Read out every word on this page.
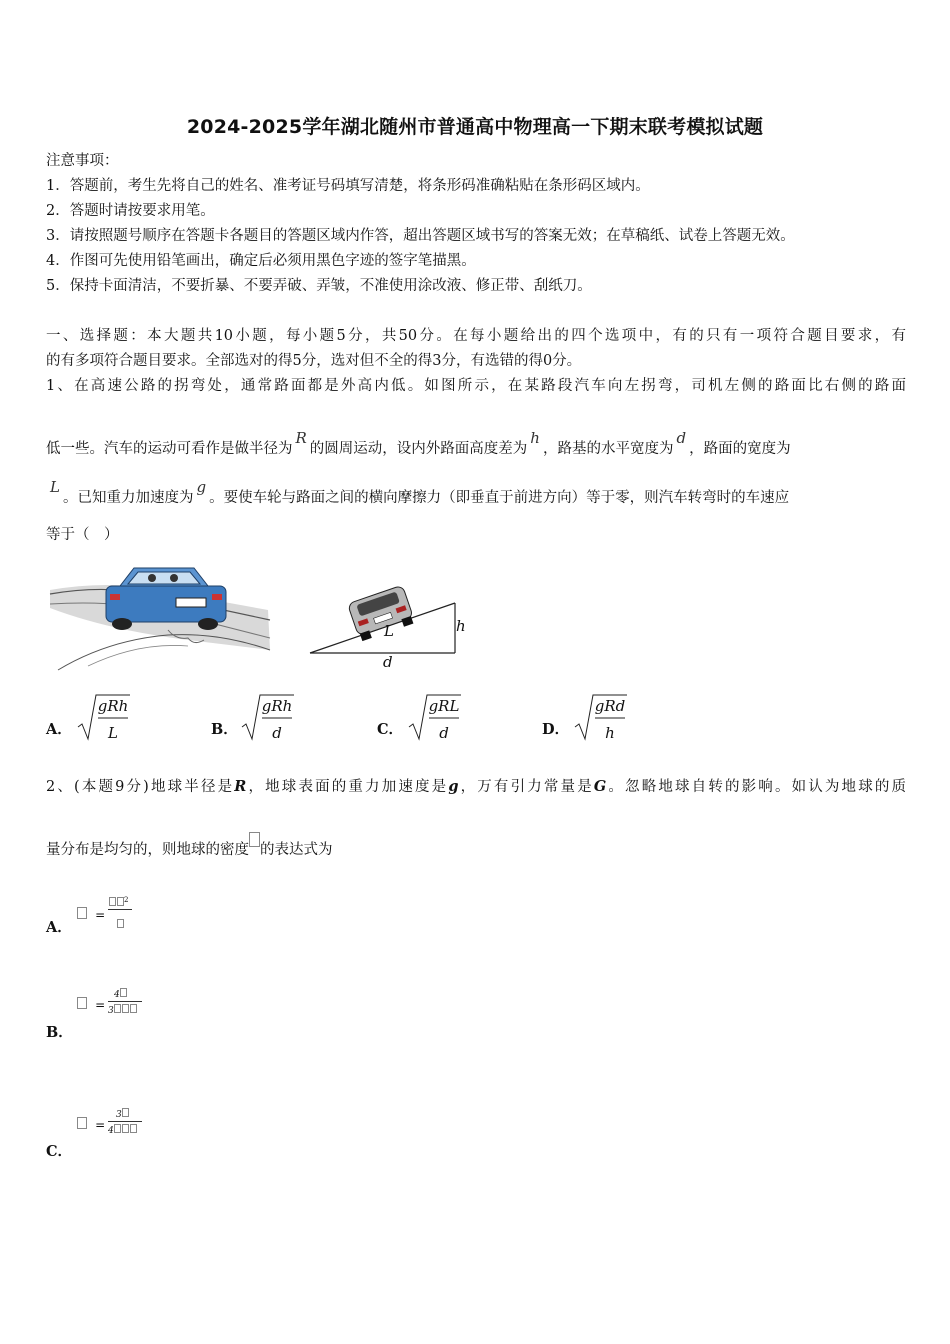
2024-2025学年湖北随州市普通高中物理高一下期末联考模拟试题
注意事项：
1．答题前，考生先将自己的姓名、准考证号码填写清楚，将条形码准确粘贴在条形码区域内。
2．答题时请按要求用笔。
3．请按照题号顺序在答题卡各题目的答题区域内作答，超出答题区域书写的答案无效；在草稿纸、试卷上答题无效。
4．作图可先使用铅笔画出，确定后必须用黑色字迹的签字笔描黑。
5．保持卡面清洁，不要折暴、不要弄破、弄皱，不准使用涂改液、修正带、刮纸刀。
一、选择题：本大题共10小题，每小题5分，共50分。在每小题给出的四个选项中，有的只有一项符合题目要求，有
的有多项符合题目要求。全部选对的得5分，选对但不全的得3分，有选错的得0分。
1、在高速公路的拐弯处，通常路面都是外高内低。如图所示，在某路段汽车向左拐弯，司机左侧的路面比右侧的路面
低一些。汽车的运动可看作是做半径为R的圆周运动，设内外路面高度差为h，路基的水平宽度为d，路面的宽度为
L。已知重力加速度为g。要使车轮与路面之间的横向摩擦力（即垂直于前进方向）等于零，则汽车转弯时的车速应
等于（　）
L	h
d
A．
gRh
L	B．
gRh
d	C．
gRL
d	D．
gRd
h
2、(本题9分)地球半径是R，地球表面的重力加速度是g，万有引力常量是G。忽略地球自转的影响。如认为地球的质
量分布是均匀的，则地球的密度 的表达式为
=
$^2$
A．
=
4
3
B．
=
3
4
C．
